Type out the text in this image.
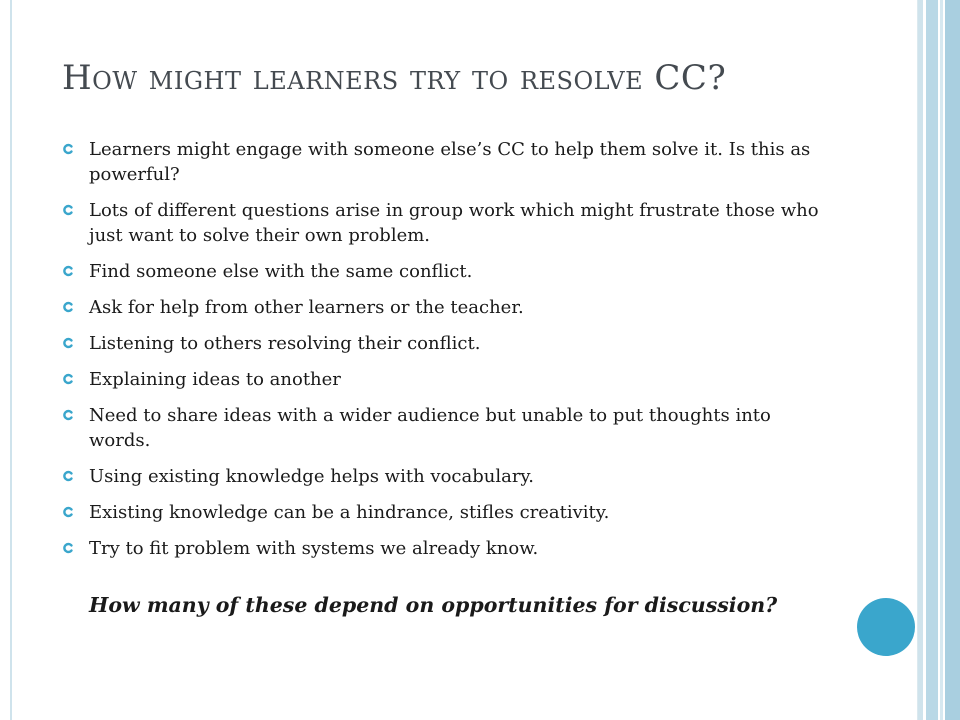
How might learners try to resolve CC?
Learners might engage with someone else’s CC to help them solve it. Is this as powerful?
Lots of different questions arise in group work which might frustrate those who just want to solve their own problem.
Find someone else with the same conflict.
Ask for help from other learners or the teacher.
Listening to others resolving their conflict.
Explaining ideas to another
Need to share ideas with a wider audience but unable to put thoughts into words.
Using existing knowledge helps with vocabulary.
Existing knowledge can be a hindrance, stifles creativity.
Try to fit problem with systems we already know.

How many of these depend on opportunities for discussion?
